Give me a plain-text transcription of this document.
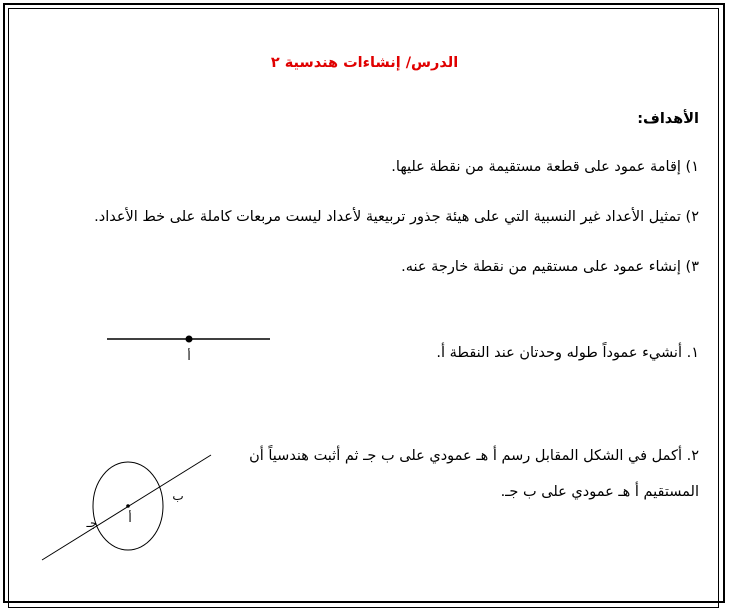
الدرس/ إنشاءات هندسية ٢
الأهداف:
١) إقامة عمود على قطعة مستقيمة من نقطة عليها.
٢) تمثيل الأعداد غير النسبية التي على هيئة جذور تربيعية لأعداد ليست مربعات كاملة على خط الأعداد.
٣) إنشاء عمود على مستقيم من نقطة خارجة عنه.
١. أنشيء عموداً طوله وحدتان عند النقطة أ.
٢. أكمل في الشكل المقابل رسم أ هـ عمودي على ب جـ ثم أثبت هندسياً أن
المستقيم أ هـ عمودي على ب جـ.
أ
أ
ب
جـ
